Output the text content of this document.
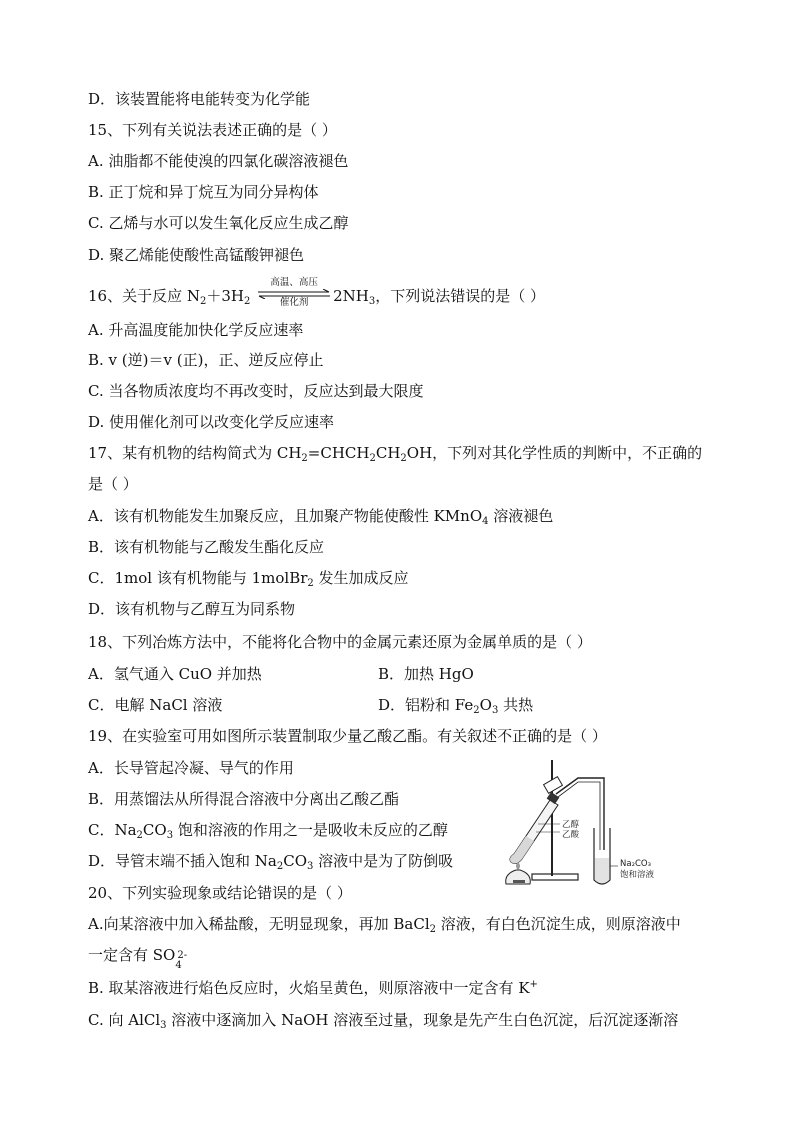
D．该装置能将电能转变为化学能
15、下列有关说法表述正确的是（ ）
A. 油脂都不能使溴的四氯化碳溶液褪色
B. 正丁烷和异丁烷互为同分异构体
C. 乙烯与水可以发生氧化反应生成乙醇
D. 聚乙烯能使酸性高锰酸钾褪色
16、关于反应 $N_2+3H_2$
高温、高压
催化剂	$2NH_3$，下列说法错误的是（ ）
A. 升高温度能加快化学反应速率
B. v (逆)＝v (正)，正、逆反应停止
C. 当各物质浓度均不再改变时，反应达到最大限度
D. 使用催化剂可以改变化学反应速率
17、某有机物的结构简式为 $CH_2=CHCH_2CH_2OH$，下列对其化学性质的判断中，不正确的
是（ ）
A．该有机物能发生加聚反应，且加聚产物能使酸性 KMnO$_4$ 溶液褪色
B．该有机物能与乙酸发生酯化反应
C．1mol 该有机物能与 1molBr$_2$ 发生加成反应
D．该有机物与乙醇互为同系物
18、下列冶炼方法中，不能将化合物中的金属元素还原为金属单质的是（ ）
A．氢气通入 CuO 并加热	B．加热 HgO
C．电解 NaCl 溶液	D．铝粉和 $Fe_2O_3$ 共热
19、在实验室可用如图所示装置制取少量乙酸乙酯。有关叙述不正确的是（ ）
A．长导管起冷凝、导气的作用
B．用蒸馏法从所得混合溶液中分离出乙酸乙酯
C．$Na_2CO_3$ 饱和溶液的作用之一是吸收未反应的乙醇
D．导管末端不插入饱和 $Na_2CO_3$ 溶液中是为了防倒吸
乙醇
乙酸
Na₂CO₃
饱和溶液
20、下列实验现象或结论错误的是（ ）
A.向某溶液中加入稀盐酸，无明显现象，再加 BaCl$_2$ 溶液，有白色沉淀生成，则原溶液中
一定含有 SO
4
2-
B. 取某溶液进行焰色反应时，火焰呈黄色，则原溶液中一定含有 K+
C. 向 AlCl$_3$ 溶液中逐滴加入 NaOH 溶液至过量，现象是先产生白色沉淀，后沉淀逐渐溶
